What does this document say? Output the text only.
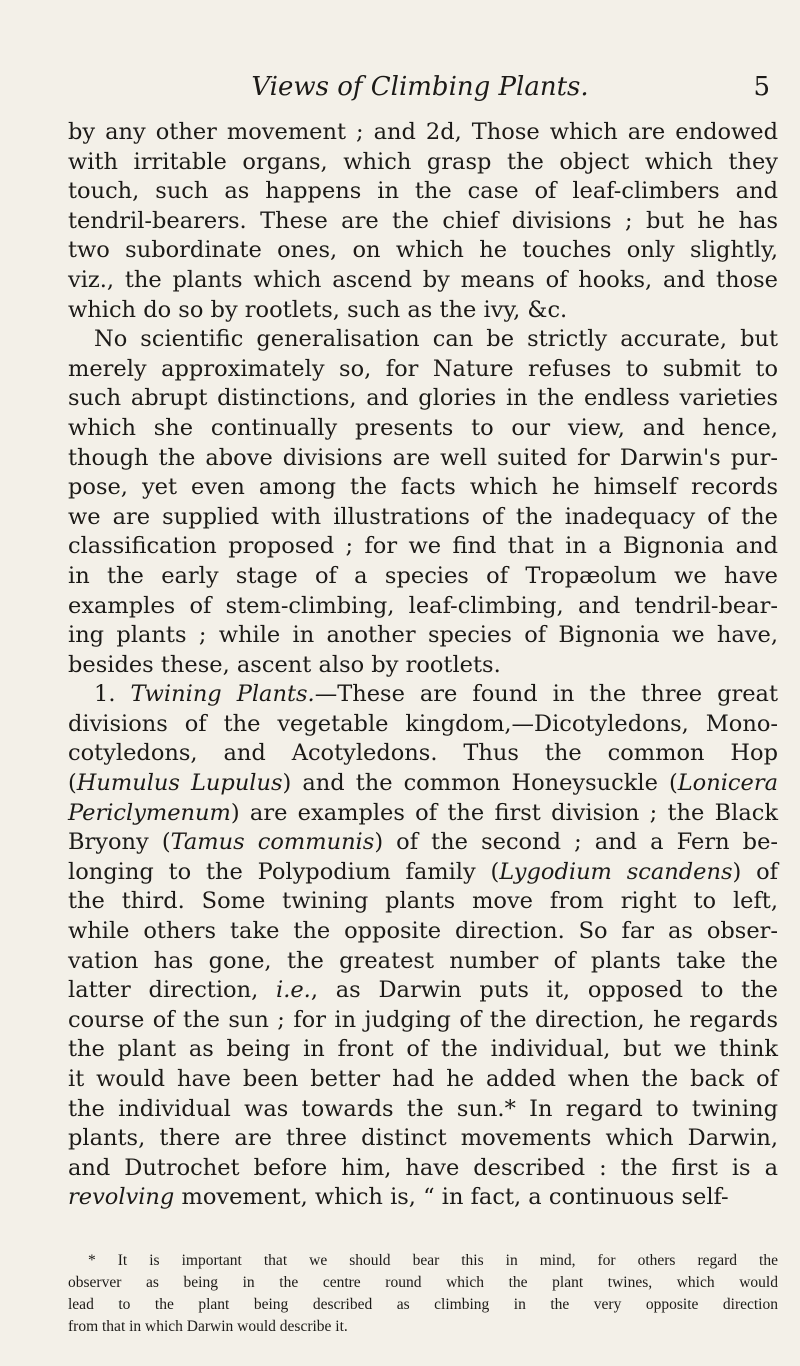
Views of Climbing Plants.	5
by any other movement ; and 2d, Those which are endowed
with irritable organs, which grasp the object which they
touch, such as happens in the case of leaf-climbers and
tendril-bearers. These are the chief divisions ; but he has
two subordinate ones, on which he touches only slightly,
viz., the plants which ascend by means of hooks, and those
which do so by rootlets, such as the ivy, &c.
No scientific generalisation can be strictly accurate, but
merely approximately so, for Nature refuses to submit to
such abrupt distinctions, and glories in the endless varieties
which she continually presents to our view, and hence,
though the above divisions are well suited for Darwin's pur-
pose, yet even among the facts which he himself records
we are supplied with illustrations of the inadequacy of the
classification proposed ; for we find that in a Bignonia and
in the early stage of a species of Tropæolum we have
examples of stem-climbing, leaf-climbing, and tendril-bear-
ing plants ; while in another species of Bignonia we have,
besides these, ascent also by rootlets.
1. Twining Plants.—These are found in the three great
divisions of the vegetable kingdom,—Dicotyledons, Mono-
cotyledons, and Acotyledons. Thus the common Hop
(Humulus Lupulus) and the common Honeysuckle (Lonicera
Periclymenum) are examples of the first division ; the Black
Bryony (Tamus communis) of the second ; and a Fern be-
longing to the Polypodium family (Lygodium scandens) of
the third. Some twining plants move from right to left,
while others take the opposite direction. So far as obser-
vation has gone, the greatest number of plants take the
latter direction, i.e., as Darwin puts it, opposed to the
course of the sun ; for in judging of the direction, he regards
the plant as being in front of the individual, but we think
it would have been better had he added when the back of
the individual was towards the sun.* In regard to twining
plants, there are three distinct movements which Darwin,
and Dutrochet before him, have described : the first is a
revolving movement, which is, “ in fact, a continuous self-
* It is important that we should bear this in mind, for others regard the
observer as being in the centre round which the plant twines, which would
lead to the plant being described as climbing in the very opposite direction
from that in which Darwin would describe it.
